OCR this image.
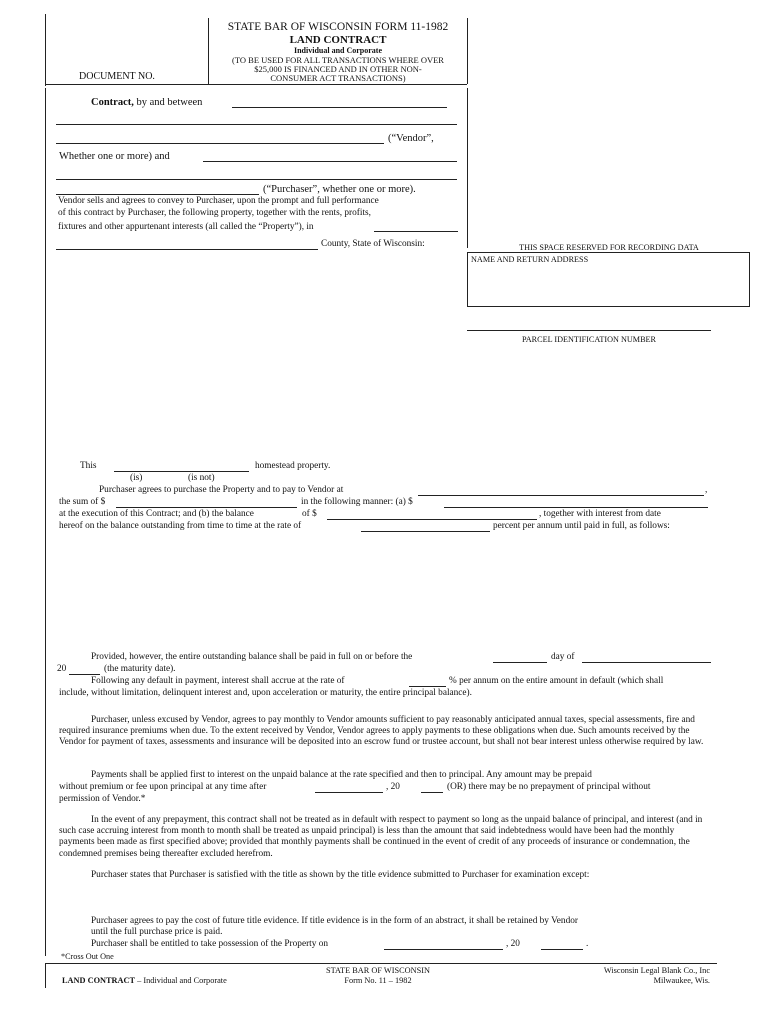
STATE BAR OF WISCONSIN FORM 11-1982
LAND CONTRACT
Individual and Corporate
(TO BE USED FOR ALL TRANSACTIONS WHERE OVER
$25,000 IS FINANCED AND IN OTHER NON-
CONSUMER ACT TRANSACTIONS)
DOCUMENT NO.
Contract, by and between
(“Vendor”,
Whether one or more) and
(“Purchaser”, whether one or more).
Vendor sells and agrees to convey to Purchaser, upon the prompt and full performance
of this contract by Purchaser, the following property, together with the rents, profits,
fixtures and other appurtenant interests (all called the “Property”), in
County, State of Wisconsin:	THIS SPACE RESERVED FOR RECORDING DATA
NAME AND RETURN ADDRESS
PARCEL IDENTIFICATION NUMBER
This	homestead property.
(is)	(is not)
Purchaser agrees to purchase the Property and to pay to Vendor at	,
the sum of $	in the following manner: (a) $
at the execution of this Contract; and (b) the balance	of $	, together with interest from date
hereof on the balance outstanding from time to time at the rate of	percent per annum until paid in full, as follows:
Provided, however, the entire outstanding balance shall be paid in full on or before the	day of
20	(the maturity date).
Following any default in payment, interest shall accrue at the rate of	% per annum on the entire amount in default (which shall
include, without limitation, delinquent interest and, upon acceleration or maturity, the entire principal balance).
Purchaser, unless excused by Vendor, agrees to pay monthly to Vendor amounts sufficient to pay reasonably anticipated annual taxes, special assessments, fire and required insurance premiums when due. To the extent received by Vendor, Vendor agrees to apply payments to these obligations when due. Such amounts received by the Vendor for payment of taxes, assessments and insurance will be deposited into an escrow fund or trustee account, but shall not bear interest unless otherwise required by law.
Payments shall be applied first to interest on the unpaid balance at the rate specified and then to principal. Any amount may be prepaid
without premium or fee upon principal at any time after	, 20	(OR) there may be no prepayment of principal without
permission of Vendor.*
In the event of any prepayment, this contract shall not be treated as in default with respect to payment so long as the unpaid balance of principal, and interest (and in such case accruing interest from month to month shall be treated as unpaid principal) is less than the amount that said indebtedness would have been had the monthly payments been made as first specified above; provided that monthly payments shall be continued in the event of credit of any proceeds of insurance or condemnation, the condemned premises being thereafter excluded herefrom.
Purchaser states that Purchaser is satisfied with the title as shown by the title evidence submitted to Purchaser for examination except:
Purchaser agrees to pay the cost of future title evidence. If title evidence is in the form of an abstract, it shall be retained by Vendor
until the full purchase price is paid.
Purchaser shall be entitled to take possession of the Property on	, 20	.
*Cross Out One
LAND CONTRACT – Individual and Corporate
STATE BAR OF WISCONSIN
Form No. 11 – 1982
Wisconsin Legal Blank Co., Inc
Milwaukee, Wis.
